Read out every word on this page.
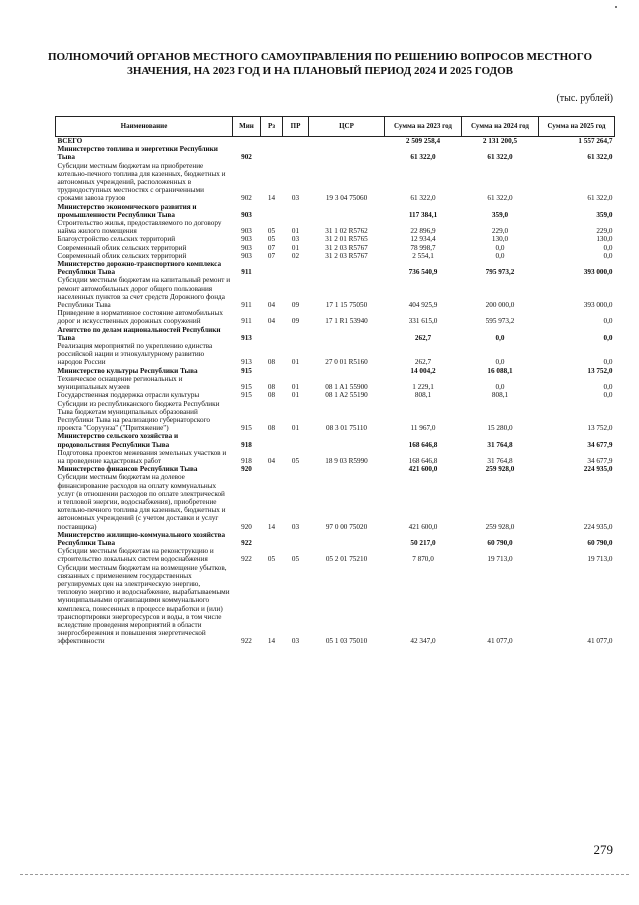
ПОЛНОМОЧИЙ ОРГАНОВ МЕСТНОГО САМОУПРАВЛЕНИЯ ПО РЕШЕНИЮ ВОПРОСОВ МЕСТНОГО ЗНАЧЕНИЯ, НА 2023 ГОД И НА ПЛАНОВЫЙ ПЕРИОД 2024 И 2025 ГОДОВ
(тыс. рублей)
Наименование	Мин	Рз	ПР	ЦСР	Сумма на 2023 год	Сумма на 2024 год	Сумма на 2025 год
ВСЕГО					2 509 258,4	2 131 200,5	1 557 264,7
Министерство топлива и энергетики Республики Тыва	902				61 322,0	61 322,0	61 322,0
Субсидии местным бюджетам на приобретение котельно-печного топлива для казенных, бюджетных и автономных учреждений, расположенных в труднодоступных местностях с ограниченными сроками завоза грузов	902	14	03	19 3 04 75060	61 322,0	61 322,0	61 322,0
Министерство экономического развития и промышленности Республики Тыва	903				117 384,1	359,0	359,0
Строительство жилья, предоставляемого по договору найма жилого помещения	903	05	01	31 1 02 R5762	22 896,9	229,0	229,0
Благоустройство сельских территорий	903	05	03	31 2 01 R5765	12 934,4	130,0	130,0
Современный облик сельских территорий	903	07	01	31 2 03 R5767	78 998,7	0,0	0,0
Современный облик сельских территорий	903	07	02	31 2 03 R5767	2 554,1	0,0	0,0
Министерство дорожно-транспортного комплекса Республики Тыва	911				736 540,9	795 973,2	393 000,0
Субсидии местным бюджетам на капитальный ремонт и ремонт автомобильных дорог общего пользования населенных пунктов за счет средств Дорожного фонда Республики Тыва	911	04	09	17 1 15 75050	404 925,9	200 000,0	393 000,0
Приведение в нормативное состояние автомобильных дорог и искусственных дорожных сооружений	911	04	09	17 1 R1 53940	331 615,0	595 973,2	0,0
Агентство по делам национальностей Республики Тыва	913				262,7	0,0	0,0
Реализация мероприятий по укреплению единства российской нации и этнокультурному развитию народов России	913	08	01	27 0 01 R5160	262,7	0,0	0,0
Министерство культуры Республики Тыва	915				14 004,2	16 088,1	13 752,0
Техническое оснащение региональных и муниципальных музеев	915	08	01	08 1 A1 55900	1 229,1	0,0	0,0
Государственная поддержка отрасли культуры	915	08	01	08 1 A2 55190	808,1	808,1	0,0
Субсидии из республиканского бюджета Республики Тыва бюджетам муниципальных образований Республики Тыва на реализацию губернаторского проекта "Соруунза" ("Притяжение")	915	08	01	08 3 01 75110	11 967,0	15 280,0	13 752,0
Министерство сельского хозяйства и продовольствия Республики Тыва	918				168 646,8	31 764,8	34 677,9
Подготовка проектов межевания земельных участков и на проведение кадастровых работ	918	04	05	18 9 03 R5990	168 646,8	31 764,8	34 677,9
Министерство финансов Республики Тыва	920				421 600,0	259 928,0	224 935,0
Субсидии местным бюджетам на долевое финансирование расходов на оплату коммунальных услуг (в отношении расходов по оплате электрической и тепловой энергии, водоснабжения), приобретение котельно-печного топлива для казенных, бюджетных и автономных учреждений (с учетом доставки и услуг поставщика)	920	14	03	97 0 00 75020	421 600,0	259 928,0	224 935,0
Министерство жилищно-коммунального хозяйства Республики Тыва	922				50 217,0	60 790,0	60 790,0
Субсидии местным бюджетам на реконструкцию и строительство локальных систем водоснабжения	922	05	05	05 2 01 75210	7 870,0	19 713,0	19 713,0
Субсидии местным бюджетам на возмещение убытков, связанных с применением государственных регулируемых цен на электрическую энергию, тепловую энергию и водоснабжение, вырабатываемыми муниципальными организациями коммунального комплекса, понесенных в процессе выработки и (или) транспортировки энергоресурсов и воды, в том числе вследствие проведения мероприятий в области энергосбережения и повышения энергетической эффективности	922	14	03	05 1 03 75010	42 347,0	41 077,0	41 077,0
279
